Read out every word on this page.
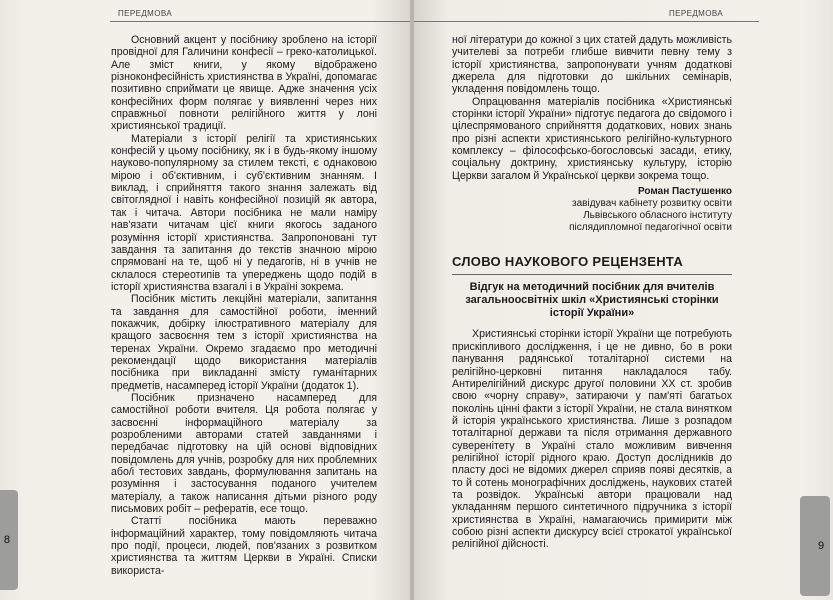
ПЕРЕДМОВА

Основний акцент у посібнику зроблено на історії провідної для Галичини конфесії – греко-католицької. Але зміст книги, у якому відображено різноконфесійність християнства в Україні, допомагає позитивно сприймати це явище. Адже значення усіх конфесійних форм полягає у виявленні через них справжньої повноти релігійного життя у лоні християнської традиції.

Матеріали з історії релігії та християнських конфесій у цьому посібнику, як і в будь-якому іншому науково-популярному за стилем тексті, є однаковою мірою і об'єктивним, і суб'єктивним знанням. І виклад, і сприйняття такого знання залежать від світоглядної і навіть конфесійної позицій як автора, так і читача. Автори посібника не мали наміру нав'язати читачам цієї книги якогось заданого розуміння історії християнства. Запропоновані тут завдання та запитання до текстів значною мірою спрямовані на те, щоб ні у педагогів, ні в учнів не склалося стереотипів та упереджень щодо подій в історії християнства взагалі і в Україні зокрема.

Посібник містить лекційні матеріали, запитання та завдання для самостійної роботи, іменний покажчик, добірку ілюстративного матеріалу для кращого засвоєння тем з історії християнства на теренах України. Окремо згадаємо про методичні рекомендації щодо використання матеріалів посібника при викладанні змісту гуманітарних предметів, насамперед історії України (додаток 1).

Посібник призначено насамперед для самостійної роботи вчителя. Ця робота полягає у засвоєнні інформаційного матеріалу за розробленими авторами статей завданнями і передбачає підготовку на цій основі відповідних повідомлень для учнів, розробку для них проблемних або/і тестових завдань, формулювання запитань на розуміння і застосування поданого учителем матеріалу, а також написання дітьми різного роду письмових робіт – рефератів, есе тощо.

Статті посібника мають переважно інформаційний характер, тому повідомляють читача про події, процеси, людей, пов'язаних з розвитком християнства та життям Церкви в Україні. Списки використа-

ПЕРЕДМОВА

ної літератури до кожної з цих статей дадуть можливість учителеві за потреби глибше вивчити певну тему з історії християнства, запропонувати учням додаткові джерела для підготовки до шкільних семінарів, укладення повідомлень тощо.

Опрацювання матеріалів посібника «Християнські сторінки історії України» підготує педагога до свідомого і цілеспрямованого сприйняття додаткових, нових знань про різні аспекти християнського релігійно-культурного комплексу – філософсько-богословські засади, етику, соціальну доктрину, християнську культуру, історію Церкви загалом й Української церкви зокрема тощо.

Роман Пастушенко
завідувач кабінету розвитку освіти
Львівського обласного інституту
післядипломної педагогічної освіти
СЛОВО НАУКОВОГО РЕЦЕНЗЕНТА
Відгук на методичний посібник для вчителів загальноосвітніх шкіл «Християнські сторінки історії України»

Християнські сторінки історії України ще потребують прискіпливого дослідження, і це не дивно, бо в роки панування радянської тоталітарної системи на релігійно-церковні питання накладалося табу. Антирелігійний дискурс другої половини ХХ ст. зробив свою «чорну справу», затираючи у пам'яті багатьох поколінь цінні факти з історії України, не стала винятком й історія українського християнства. Лише з розпадом тоталітарної держави та після отримання державного суверенітету в Україні стало можливим вивчення релігійної історії рідного краю. Доступ дослідників до пласту досі не відомих джерел сприяв появі десятків, а то й сотень монографічних досліджень, наукових статей та розвідок. Українські автори працювали над укладанням першого синтетичного підручника з історії християнства в Україні, намагаючись примирити між собою різні аспекти дискурсу всієї строкатої української релігійної дійсності.

8	9
